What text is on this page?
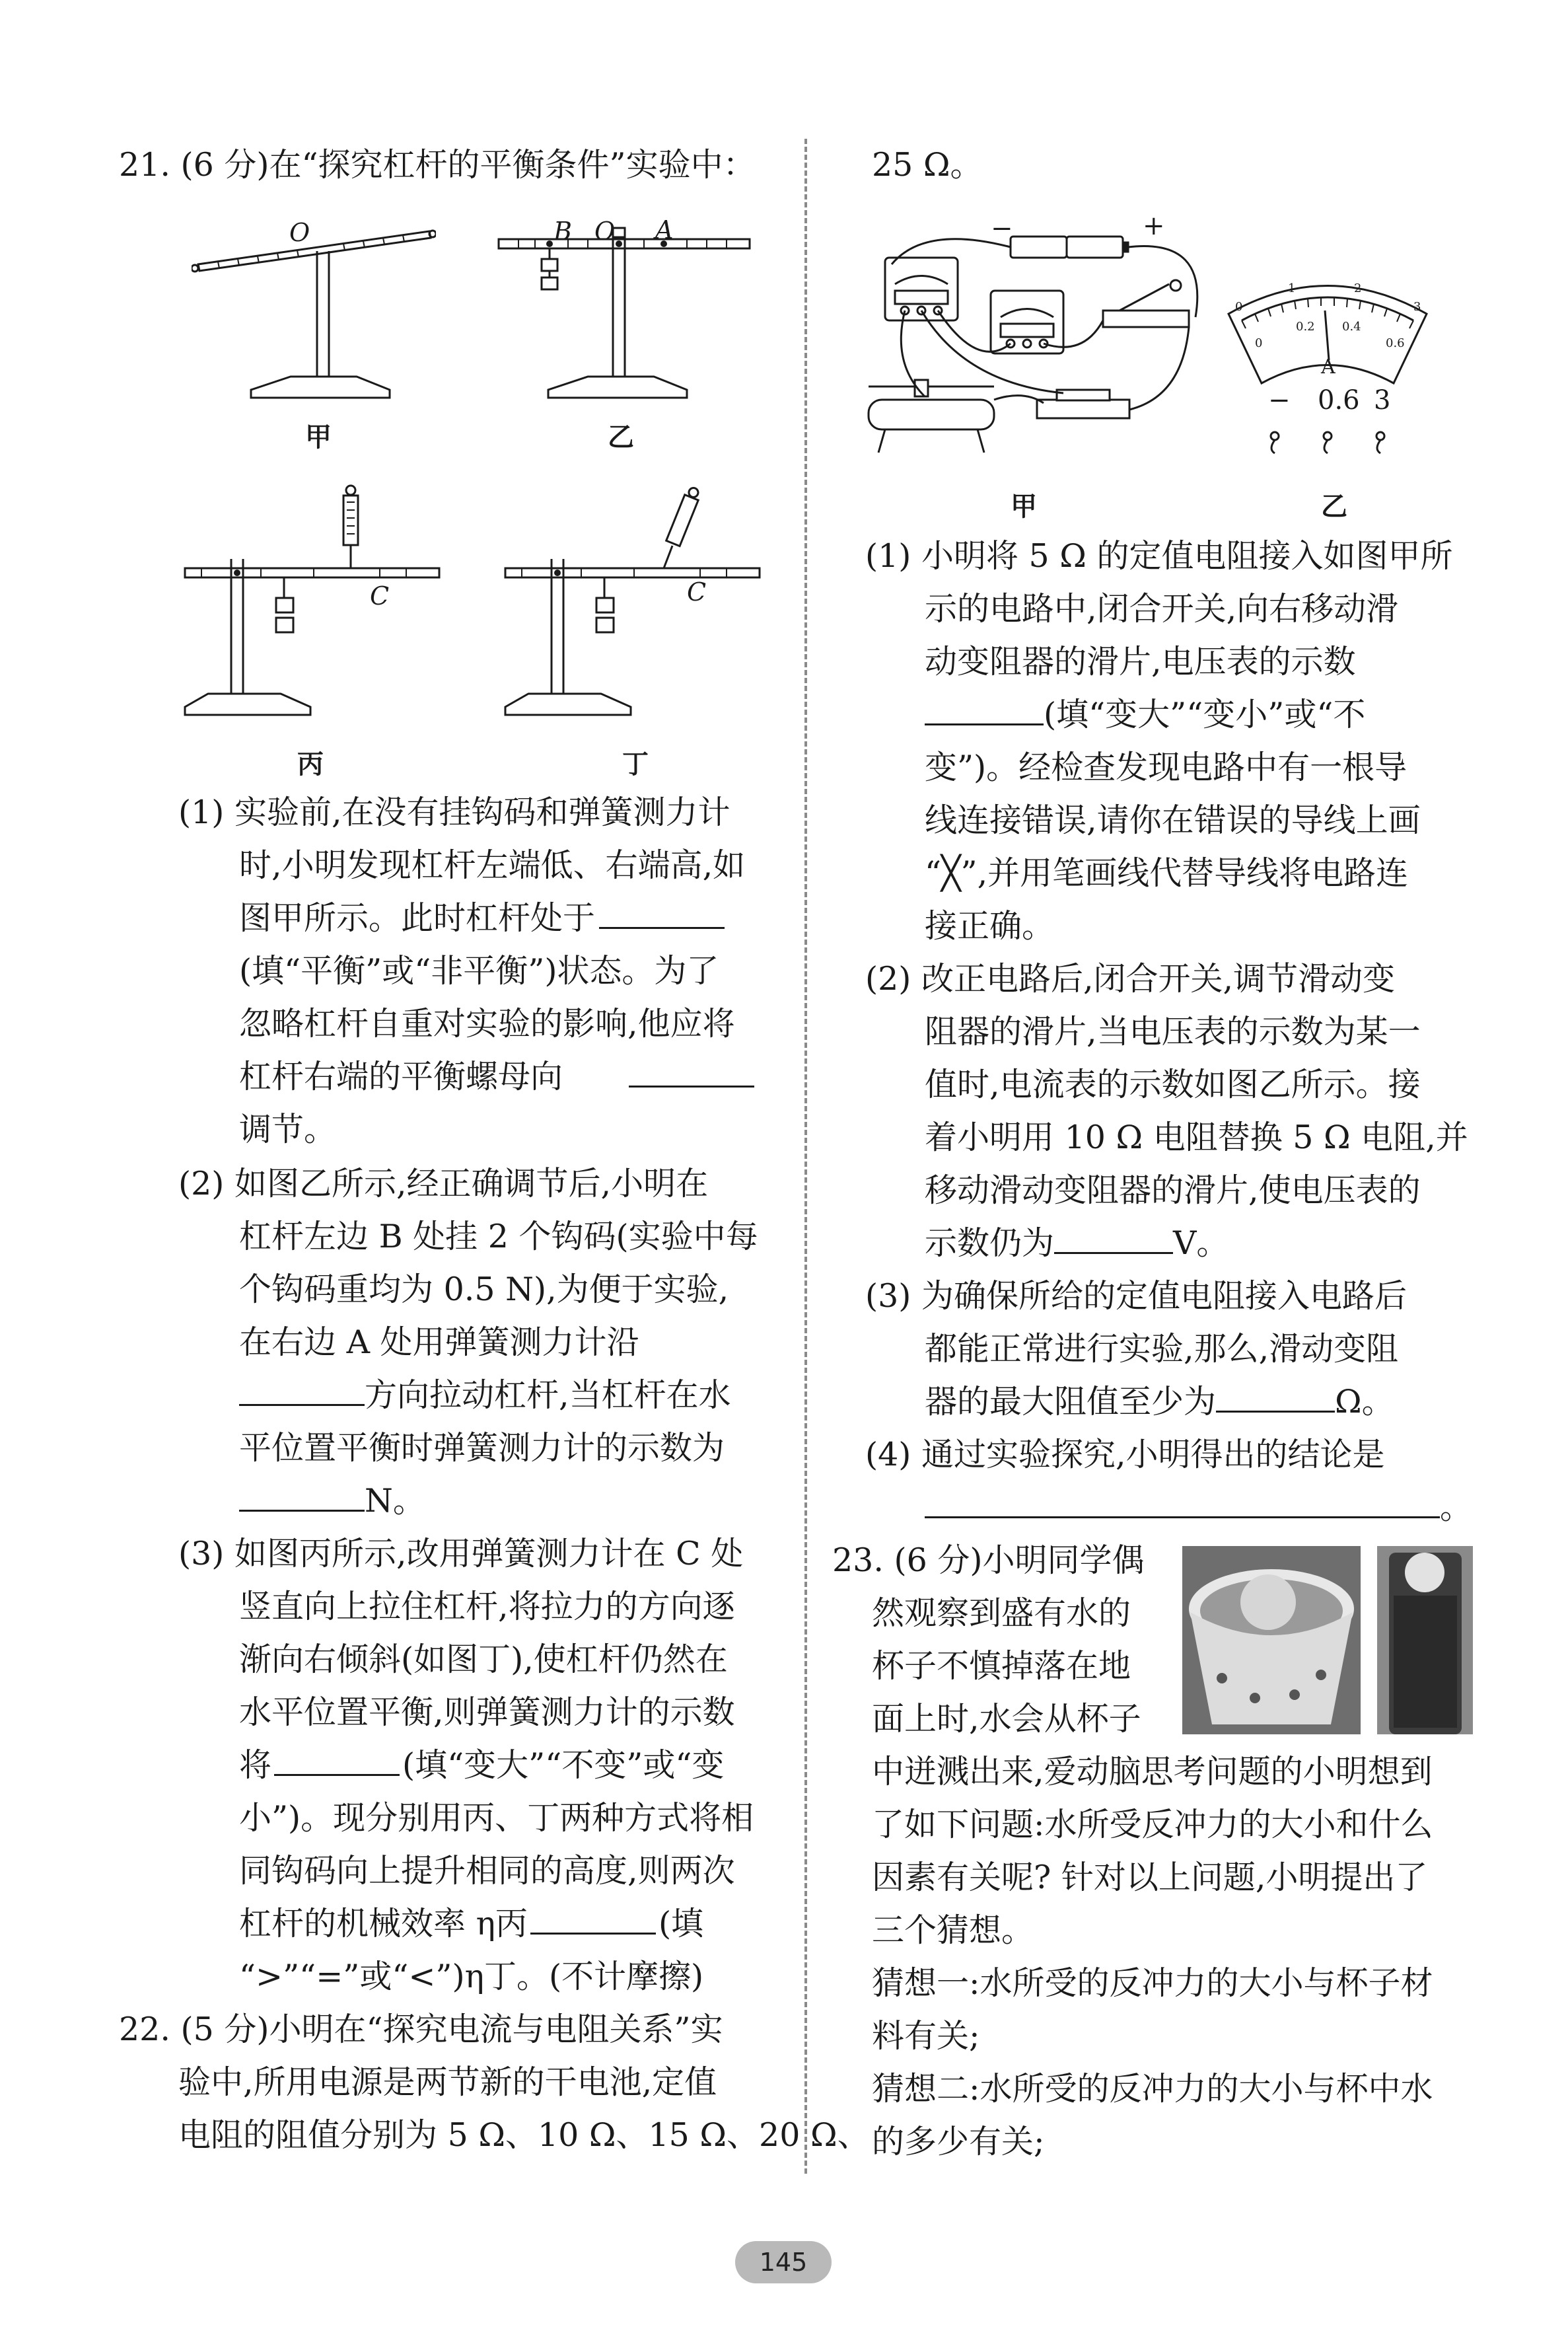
21. (6 分)在“探究杠杆的平衡条件”实验中：
O
甲
B O A
乙
C
丙
C
丁
(1) 实验前,在没有挂钩码和弹簧测力计
时,小明发现杠杆左端低、右端高,如
图甲所示。此时杠杆处于
(填“平衡”或“非平衡”)状态。为了
忽略杠杆自重对实验的影响,他应将
杠杆右端的平衡螺母向
调节。
(2) 如图乙所示,经正确调节后,小明在
杠杆左边 B 处挂 2 个钩码(实验中每
个钩码重均为 0.5 N),为便于实验,
在右边 A 处用弹簧测力计沿
方向拉动杠杆,当杠杆在水
平位置平衡时弹簧测力计的示数为
N。
(3) 如图丙所示,改用弹簧测力计在 C 处
竖直向上拉住杠杆,将拉力的方向逐
渐向右倾斜(如图丁),使杠杆仍然在
水平位置平衡,则弹簧测力计的示数
将	(填“变大”“不变”或“变
小”)。现分别用丙、丁两种方式将相
同钩码向上提升相同的高度,则两次
杠杆的机械效率 η丙	(填
“>”“=”或“<”)η丁。(不计摩擦)
22. (5 分)小明在“探究电流与电阻关系”实
验中,所用电源是两节新的干电池,定值
电阻的阻值分别为 5 Ω、10 Ω、15 Ω、20 Ω、
25 Ω。
−	+
甲
0
1	2
3
0
0.2 0.4
0.6
A
− 0.6 3
乙
(1) 小明将 5 Ω 的定值电阻接入如图甲所
示的电路中,闭合开关,向右移动滑
动变阻器的滑片,电压表的示数
(填“变大”“变小”或“不
变”)。经检查发现电路中有一根导
线连接错误,请你在错误的导线上画
“╳”,并用笔画线代替导线将电路连
接正确。
(2) 改正电路后,闭合开关,调节滑动变
阻器的滑片,当电压表的示数为某一
值时,电流表的示数如图乙所示。接
着小明用 10 Ω 电阻替换 5 Ω 电阻,并
移动滑动变阻器的滑片,使电压表的
示数仍为	V。
(3) 为确保所给的定值电阻接入电路后
都能正常进行实验,那么,滑动变阻
器的最大阻值至少为	Ω。
(4) 通过实验探究,小明得出的结论是
。
23. (6 分)小明同学偶
然观察到盛有水的
杯子不慎掉落在地
面上时,水会从杯子
中迸溅出来,爱动脑思考问题的小明想到
了如下问题:水所受反冲力的大小和什么
因素有关呢? 针对以上问题,小明提出了
三个猜想。
猜想一:水所受的反冲力的大小与杯子材
料有关;
猜想二:水所受的反冲力的大小与杯中水
的多少有关;
145
